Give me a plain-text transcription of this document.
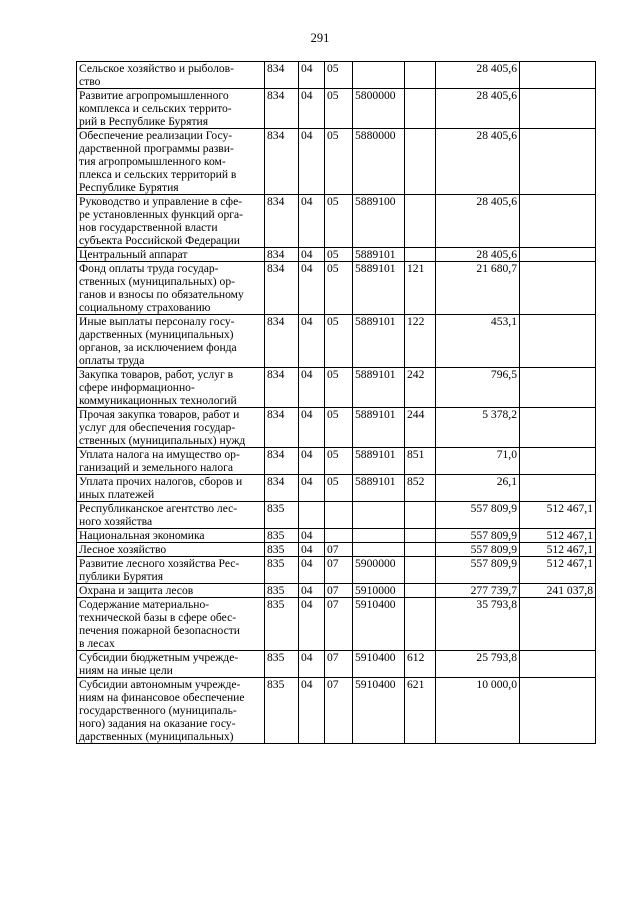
291
Сельское хозяйство и рыболов-
ство	834	04	05			28 405,6	
Развитие агропромышленного
комплекса и сельских террито-
рий в Республике Бурятия	834	04	05	5800000		28 405,6	
Обеспечение реализации Госу-
дарственной программы разви-
тия агропромышленного ком-
плекса и сельских территорий в
Республике Бурятия	834	04	05	5880000		28 405,6	
Руководство и управление в сфе-
ре установленных функций орга-
нов государственной власти
субъекта Российской Федерации	834	04	05	5889100		28 405,6	
Центральный аппарат	834	04	05	5889101		28 405,6	
Фонд оплаты труда государ-
ственных (муниципальных) ор-
ганов и взносы по обязательному
социальному страхованию	834	04	05	5889101	121	21 680,7	
Иные выплаты персоналу госу-
дарственных (муниципальных)
органов, за исключением фонда
оплаты труда	834	04	05	5889101	122	453,1	
Закупка товаров, работ, услуг в
сфере информационно-
коммуникационных технологий	834	04	05	5889101	242	796,5	
Прочая закупка товаров, работ и
услуг для обеспечения государ-
ственных (муниципальных) нужд	834	04	05	5889101	244	5 378,2	
Уплата налога на имущество ор-
ганизаций и земельного налога	834	04	05	5889101	851	71,0	
Уплата прочих налогов, сборов и
иных платежей	834	04	05	5889101	852	26,1	
Республиканское агентство лес-
ного хозяйства	835					557 809,9	512 467,1
Национальная экономика	835	04				557 809,9	512 467,1
Лесное хозяйство	835	04	07			557 809,9	512 467,1
Развитие лесного хозяйства Рес-
публики Бурятия	835	04	07	5900000		557 809,9	512 467,1
Охрана и защита лесов	835	04	07	5910000		277 739,7	241 037,8
Содержание материально-
технической базы в сфере обес-
печения пожарной безопасности
в лесах	835	04	07	5910400		35 793,8	
Субсидии бюджетным учрежде-
ниям на иные цели	835	04	07	5910400	612	25 793,8	
Субсидии автономным учрежде-
ниям на финансовое обеспечение
государственного (муниципаль-
ного) задания на оказание госу-
дарственных (муниципальных)	835	04	07	5910400	621	10 000,0	
